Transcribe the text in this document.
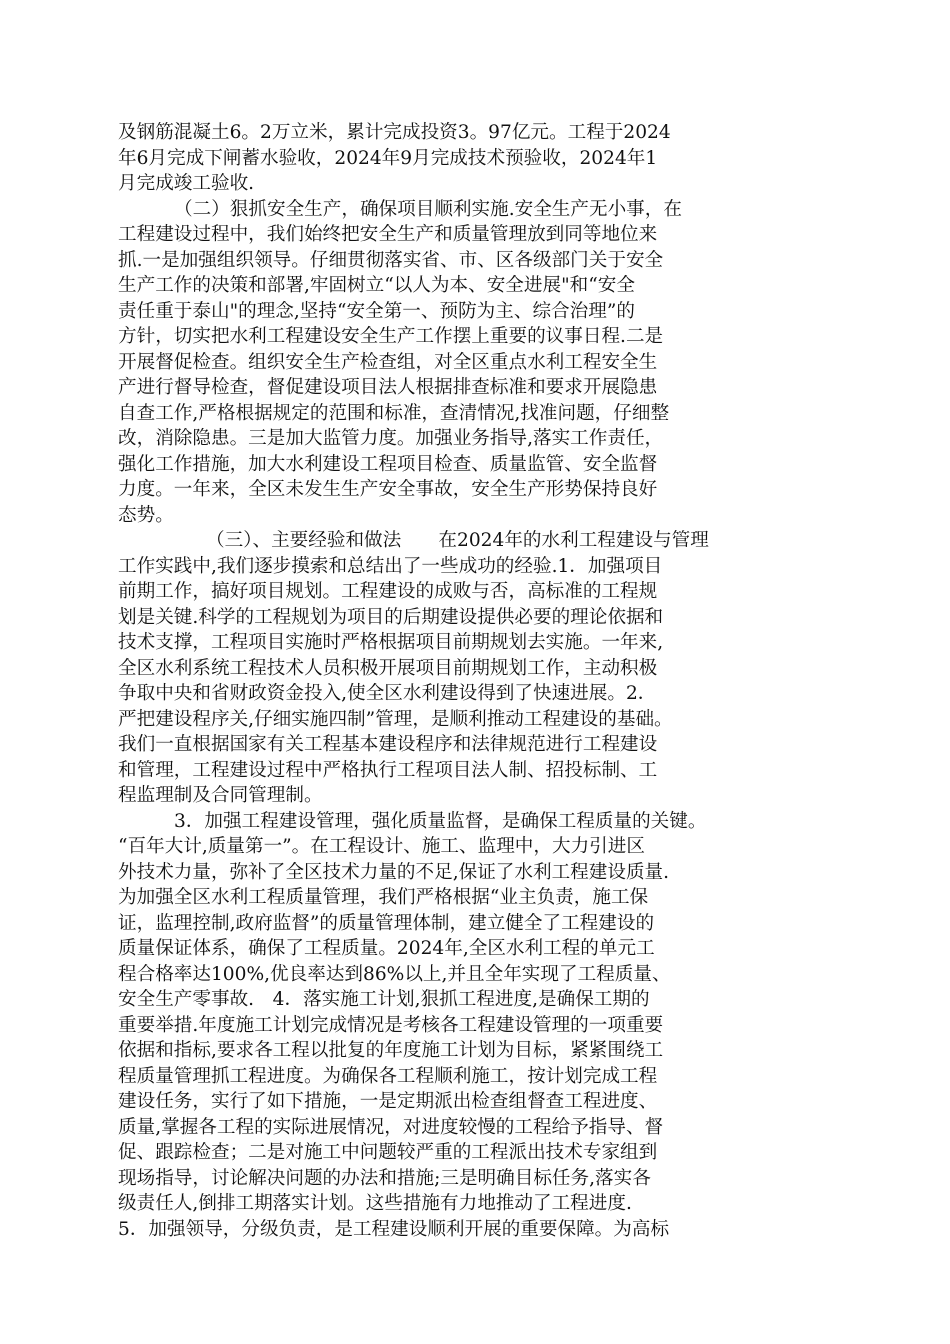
及钢筋混凝土6。2万立米，累计完成投资3。97亿元。工程于2024
年6月完成下闸蓄水验收，2024年9月完成技术预验收，2024年1
月完成竣工验收.
（二）狠抓安全生产，确保项目顺利实施.安全生产无小事，在
工程建设过程中，我们始终把安全生产和质量管理放到同等地位来
抓.一是加强组织领导。仔细贯彻落实省、市、区各级部门关于安全
生产工作的决策和部署,牢固树立“以人为本、安全进展"和“安全
责任重于泰山"的理念,坚持“安全第一、预防为主、综合治理”的
方针，切实把水利工程建设安全生产工作摆上重要的议事日程.二是
开展督促检查。组织安全生产检查组，对全区重点水利工程安全生
产进行督导检查，督促建设项目法人根据排查标准和要求开展隐患
自查工作,严格根据规定的范围和标准，查清情况,找准问题，仔细整
改，消除隐患。三是加大监管力度。加强业务指导,落实工作责任，
强化工作措施，加大水利建设工程项目检查、质量监管、安全监督
力度。一年来，全区未发生生产安全事故，安全生产形势保持良好
态势。
（三）、主要经验和做法　　在2024年的水利工程建设与管理
工作实践中,我们逐步摸索和总结出了一些成功的经验.1．加强项目
前期工作，搞好项目规划。工程建设的成败与否，高标准的工程规
划是关键.科学的工程规划为项目的后期建设提供必要的理论依据和
技术支撑，工程项目实施时严格根据项目前期规划去实施。一年来,
全区水利系统工程技术人员积极开展项目前期规划工作，主动积极
争取中央和省财政资金投入,使全区水利建设得到了快速进展。2．
严把建设程序关,仔细实施四制”管理，是顺利推动工程建设的基础。
我们一直根据国家有关工程基本建设程序和法律规范进行工程建设
和管理，工程建设过程中严格执行工程项目法人制、招投标制、工
程监理制及合同管理制。
3．加强工程建设管理，强化质量监督，是确保工程质量的关键。
“百年大计,质量第一”。在工程设计、施工、监理中，大力引进区
外技术力量，弥补了全区技术力量的不足,保证了水利工程建设质量.
为加强全区水利工程质量管理，我们严格根据“业主负责，施工保
证，监理控制,政府监督”的质量管理体制，建立健全了工程建设的
质量保证体系，确保了工程质量。2024年,全区水利工程的单元工
程合格率达100%,优良率达到86%以上,并且全年实现了工程质量、
安全生产零事故.　4．落实施工计划,狠抓工程进度,是确保工期的
重要举措.年度施工计划完成情况是考核各工程建设管理的一项重要
依据和指标,要求各工程以批复的年度施工计划为目标，紧紧围绕工
程质量管理抓工程进度。为确保各工程顺利施工，按计划完成工程
建设任务，实行了如下措施，一是定期派出检查组督查工程进度、
质量,掌握各工程的实际进展情况，对进度较慢的工程给予指导、督
促、跟踪检查；二是对施工中问题较严重的工程派出技术专家组到
现场指导，讨论解决问题的办法和措施;三是明确目标任务,落实各
级责任人,倒排工期落实计划。这些措施有力地推动了工程进度.
5．加强领导，分级负责，是工程建设顺利开展的重要保障。为高标
